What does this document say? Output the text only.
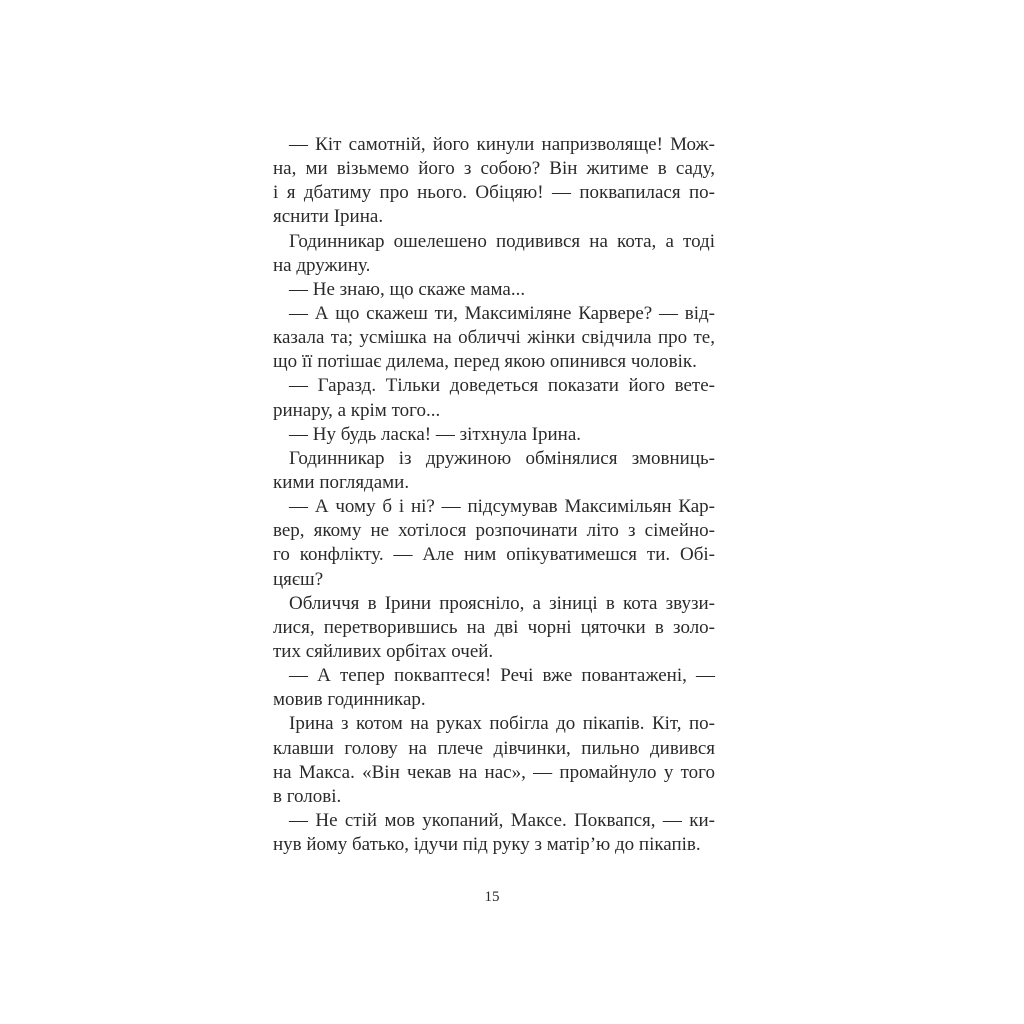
— Кіт самотній, його кинули напризволяще! Мож-
на, ми візьмемо його з собою? Він житиме в саду,
і я дбатиму про нього. Обіцяю! — поквапилася по-
яснити Ірина.
Годинникар ошелешено подивився на кота, а тоді
на дружину.
— Не знаю, що скаже мама...
— А що скажеш ти, Максиміляне Карвере? — від-
казала та; усмішка на обличчі жінки свідчила про те,
що її потішає дилема, перед якою опинився чоловік.
— Гаразд. Тільки доведеться показати його ветe-
ринару, а крім того...
— Ну будь ласка! — зітхнула Ірина.
Годинникар із дружиною обмінялися змовниць-
кими поглядами.
— А чому б і ні? — підсумував Максимільян Кар-
вер, якому не хотілося розпочинати літо з сімейно-
го конфлікту. — Але ним опікуватимешся ти. Обі-
цяєш?
Обличчя в Ірини прояснілo, а зіниці в кота звузи-
лися, перетворившись на дві чорні цяточки в золо-
тих сяйливих орбітах очей.
— А тепер поквaптеся! Речі вже повантажені, —
мовив годинникар.
Ірина з котом на руках побігла до пікапів. Кіт, по-
клавши голову на плече дівчинки, пильно дивився
на Макса. «Він чекав на нас», — промайнуло у того
в голові.
— Не стій мов укопаний, Максе. Поквапся, — ки-
нув йому батько, ідучи під руку з матір’ю до пікапів.
15
